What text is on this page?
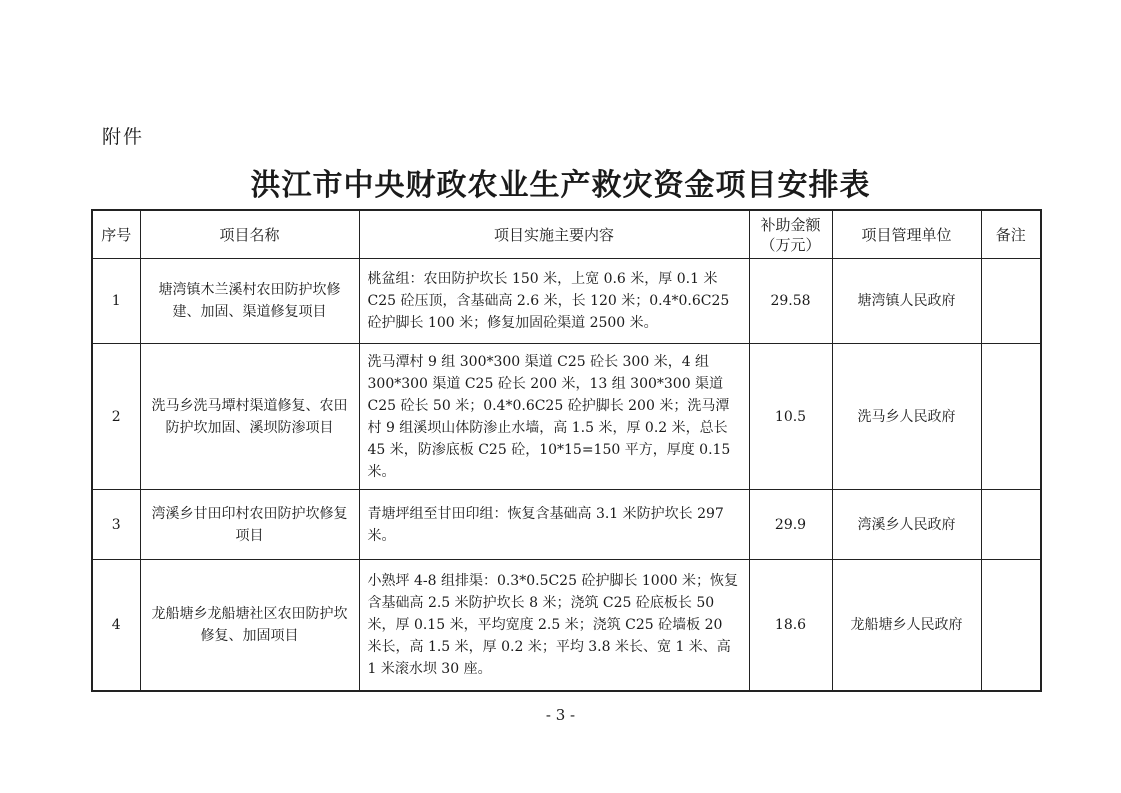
附件
洪江市中央财政农业生产救灾资金项目安排表
序号	项目名称	项目实施主要内容	补助金额（万元）	项目管理单位	备注
1	塘湾镇木兰溪村农田防护坎修建、加固、渠道修复项目	桃盆组：农田防护坎长 150 米，上宽 0.6 米，厚 0.1 米 C25 砼压顶，含基础高 2.6 米，长 120 米；0.4*0.6C25 砼护脚长 100 米；修复加固砼渠道 2500 米。	29.58	塘湾镇人民政府	
2	洗马乡洗马墰村渠道修复、农田防护坎加固、溪坝防渗项目	洗马潭村 9 组 300*300 渠道 C25 砼长 300 米，4 组 300*300 渠道 C25 砼长 200 米，13 组 300*300 渠道 C25 砼长 50 米；0.4*0.6C25 砼护脚长 200 米；洗马潭村 9 组溪坝山体防渗止水墙，高 1.5 米，厚 0.2 米，总长 45 米，防渗底板 C25 砼，10*15=150 平方，厚度 0.15 米。	10.5	洗马乡人民政府	
3	湾溪乡甘田印村农田防护坎修复项目	青塘坪组至甘田印组：恢复含基础高 3.1 米防护坎长 297 米。	29.9	湾溪乡人民政府	
4	龙船塘乡龙船塘社区农田防护坎修复、加固项目	小熟坪 4-8 组排渠：0.3*0.5C25 砼护脚长 1000 米；恢复含基础高 2.5 米防护坎长 8 米；浇筑 C25 砼底板长 50 米，厚 0.15 米，平均宽度 2.5 米；浇筑 C25 砼墙板 20 米长，高 1.5 米，厚 0.2 米；平均 3.8 米长、宽 1 米、高 1 米滚水坝 30 座。	18.6	龙船塘乡人民政府	
- 3 -
